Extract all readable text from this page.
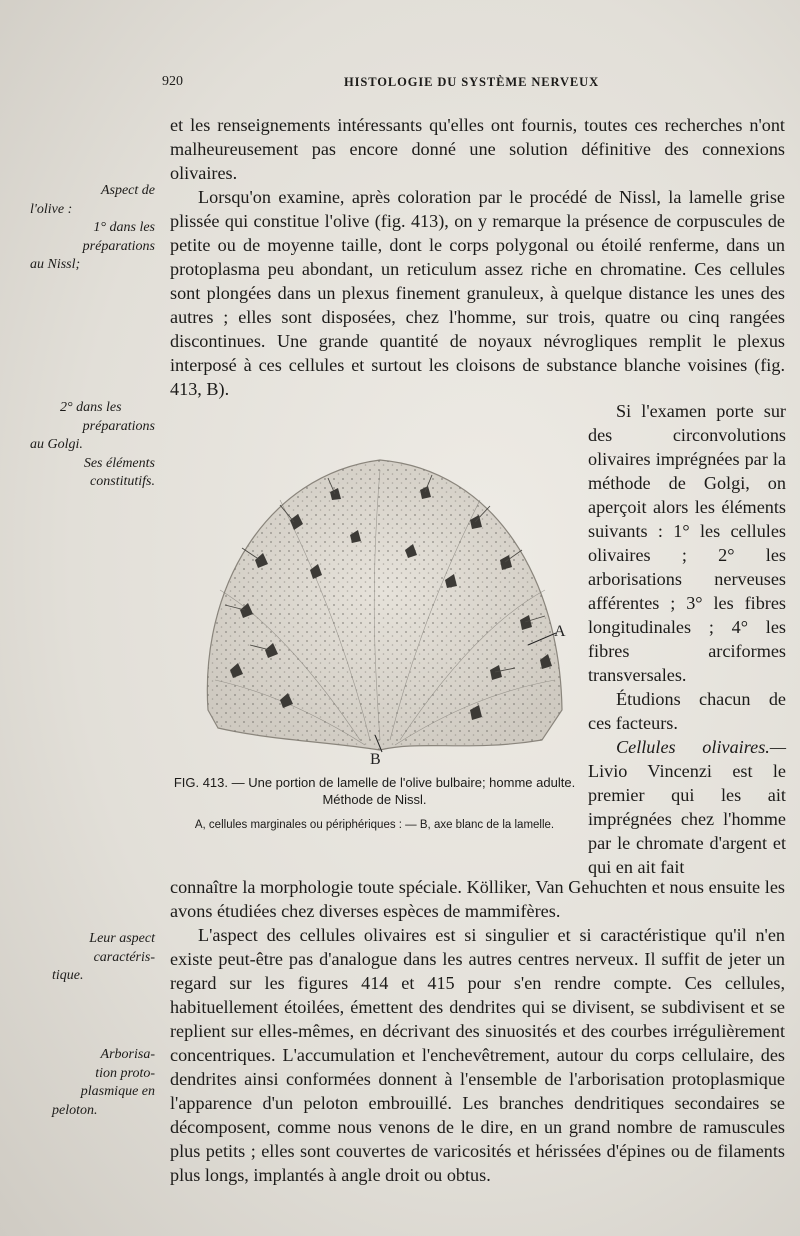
920	HISTOLOGIE DU SYSTÈME NERVEUX
Aspect de
l'olive :
1° dans les
préparations
au Nissl;
2° dans les
préparations
au Golgi.
Ses éléments
constitutifs.
Leur aspect
caractéris-
tique.
Arborisa-
tion proto-
plasmique en
peloton.

et les renseignements intéressants qu'elles ont fournis, toutes ces recherches n'ont malheureusement pas encore donné une solution définitive des connexions olivaires.

Lorsqu'on examine, après coloration par le procédé de Nissl, la lamelle grise plissée qui constitue l'olive (fig. 413), on y remarque la présence de corpuscules de petite ou de moyenne taille, dont le corps polygonal ou étoilé renferme, dans un protoplasma peu abondant, un reticulum assez riche en chromatine. Ces cellules sont plongées dans un plexus finement granuleux, à quelque distance les unes des autres ; elles sont disposées, chez l'homme, sur trois, quatre ou cinq rangées discontinues. Une grande quantité de noyaux névrogliques remplit le plexus interposé à ces cellules et surtout les cloisons de substance blanche voisines (fig. 413, B).

A
B
FIG. 413. — Une portion de lamelle de l'olive bulbaire; homme adulte. Méthode de Nissl.
A, cellules marginales ou périphériques : — B, axe blanc de la lamelle.

Si l'examen porte sur des circonvolutions olivaires imprégnées par la méthode de Golgi, on aperçoit alors les éléments suivants : 1° les cellules olivaires ; 2° les arborisations nerveuses afférentes ; 3° les fibres longitudinales ; 4° les fibres arciformes transversales.

Étudions chacun de ces facteurs.

Cellules olivaires.— Livio Vincenzi est le premier qui les ait imprégnées chez l'homme par le chromate d'argent et qui en ait fait

connaître la morphologie toute spéciale. Kölliker, Van Gehuchten et nous ensuite les avons étudiées chez diverses espèces de mammifères.

L'aspect des cellules olivaires est si singulier et si caractéristique qu'il n'en existe peut-être pas d'analogue dans les autres centres nerveux. Il suffit de jeter un regard sur les figures 414 et 415 pour s'en rendre compte. Ces cellules, habituellement étoilées, émettent des dendrites qui se divisent, se subdivisent et se replient sur elles-mêmes, en décrivant des sinuosités et des courbes irrégulièrement concentriques. L'accumulation et l'enchevêtrement, autour du corps cellulaire, des dendrites ainsi conformées donnent à l'ensemble de l'arborisation protoplasmique l'apparence d'un peloton embrouillé. Les branches dendritiques secondaires se décomposent, comme nous venons de le dire, en un grand nombre de ramuscules plus petits ; elles sont couvertes de varicosités et hérissées d'épines ou de filaments plus longs, implantés à angle droit ou obtus.
